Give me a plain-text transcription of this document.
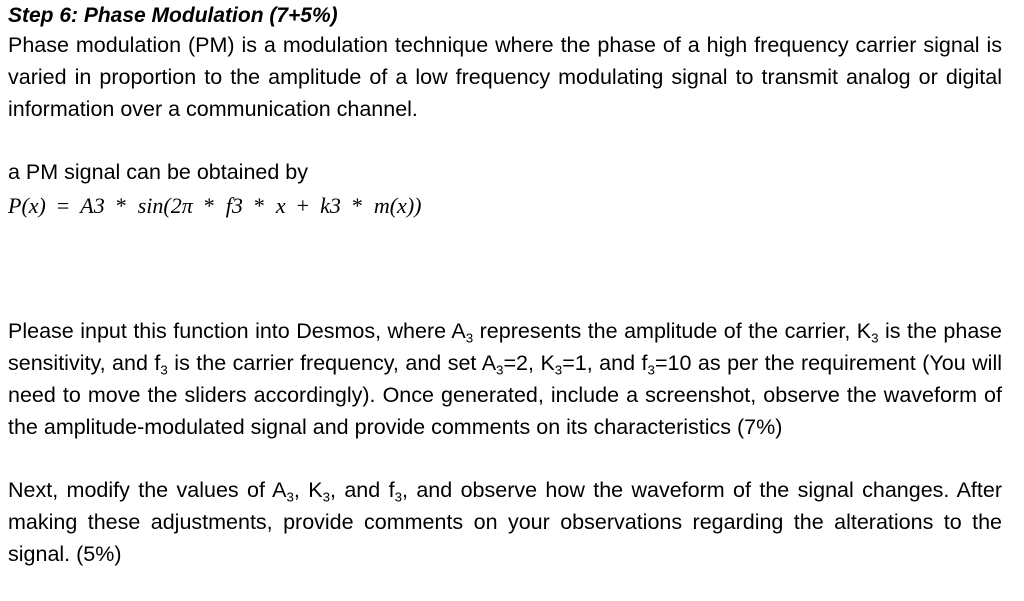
Step 6: Phase Modulation (7+5%)

Phase modulation (PM) is a modulation technique where the phase of a high frequency carrier signal is varied in proportion to the amplitude of a low frequency modulating signal to transmit analog or digital information over a communication channel.

a PM signal can be obtained by

P(x) = A3 * sin(2π * f3 * x + k3 * m(x))

Please input this function into Desmos, where $A_3$ represents the amplitude of the carrier, $K_3$ is the phase sensitivity, and $f_3$ is the carrier frequency, and set $A_3=2$, $K_3=1$, and $f_3=10$ as per the requirement (You will need to move the sliders accordingly). Once generated, include a screenshot, observe the waveform of the amplitude-modulated signal and provide comments on its characteristics (7%)

Next, modify the values of $A_3$, $K_3$, and $f_3$, and observe how the waveform of the signal changes. After making these adjustments, provide comments on your observations regarding the alterations to the signal. (5%)
